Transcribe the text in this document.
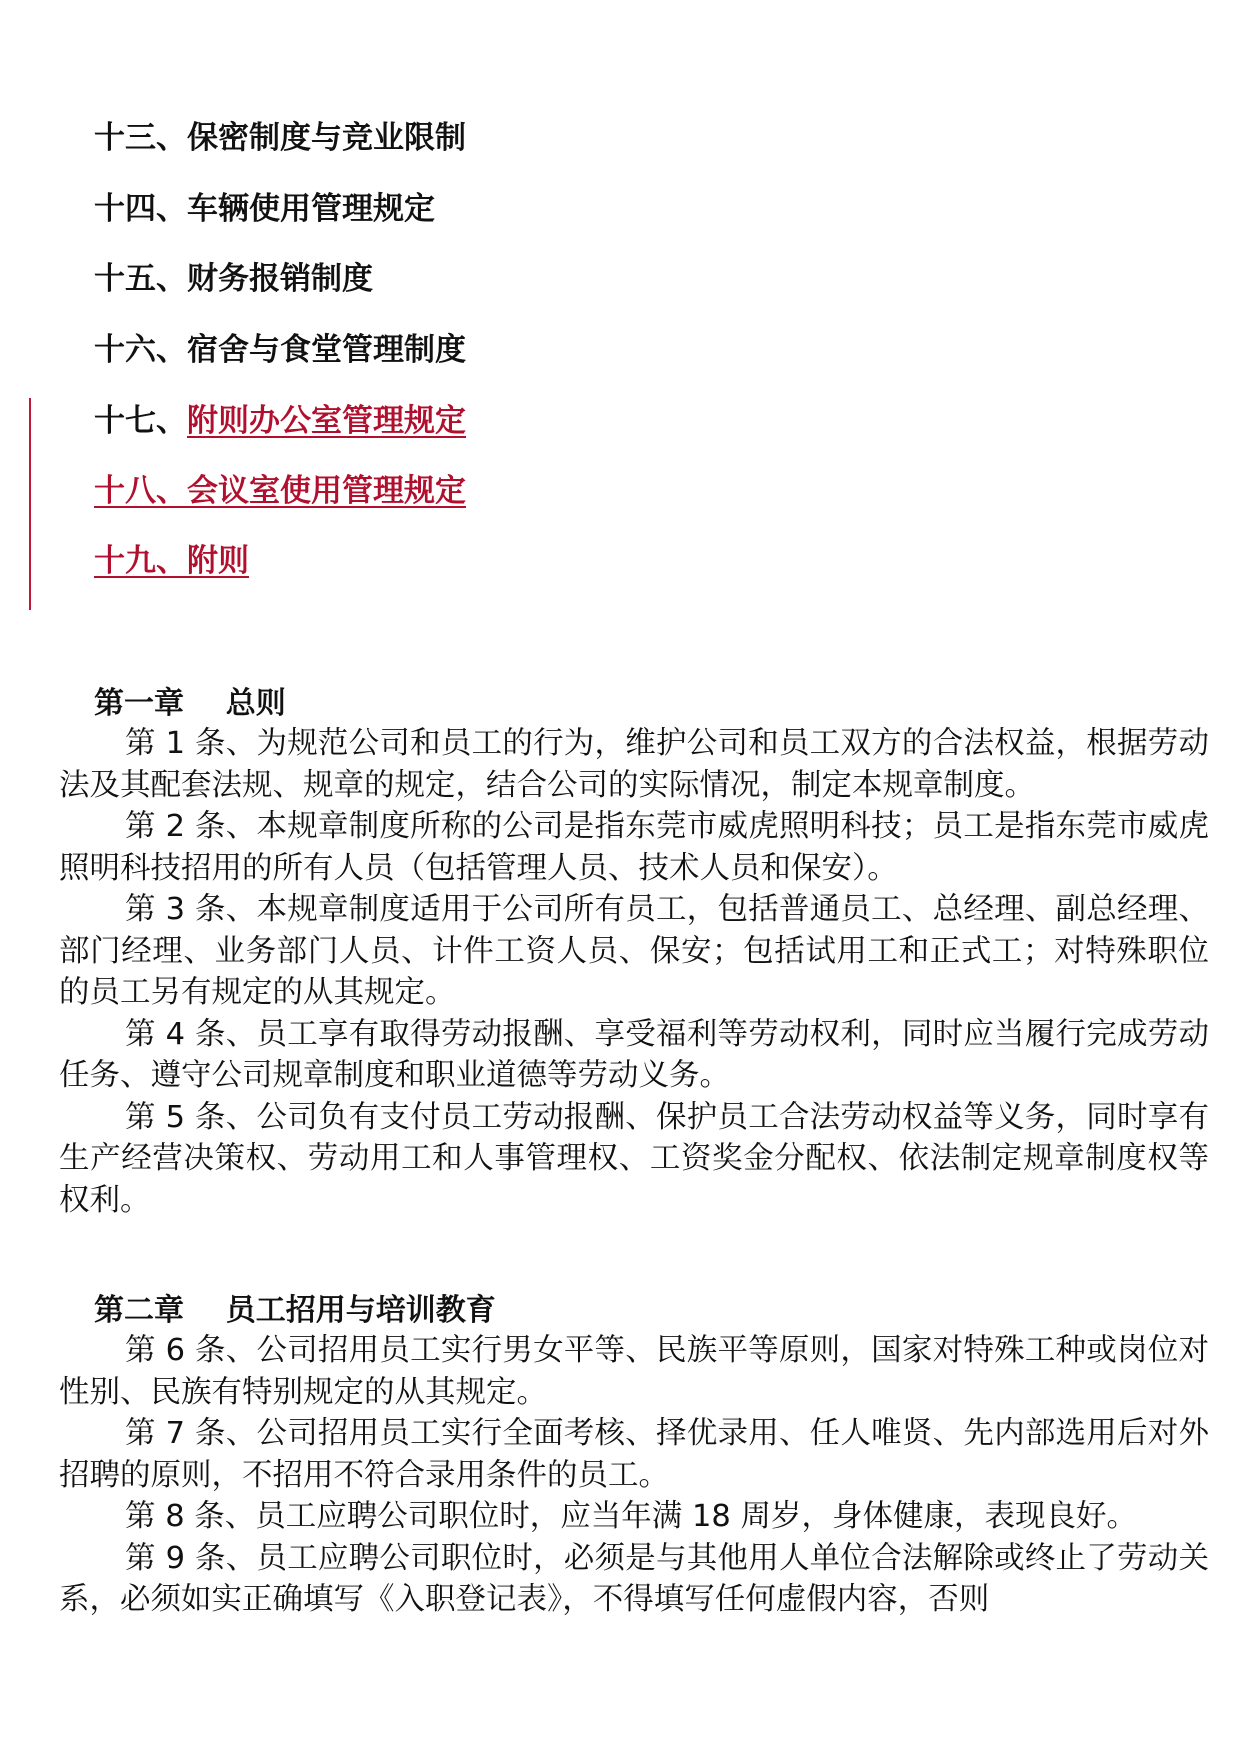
十三、保密制度与竞业限制
十四、车辆使用管理规定
十五、财务报销制度
十六、宿舍与食堂管理制度
十七、附则办公室管理规定
十八、会议室使用管理规定
十九、附则
第一章    总则

第 1 条、为规范公司和员工的行为，维护公司和员工双方的合法权益，根据劳动法及其配套法规、规章的规定，结合公司的实际情况，制定本规章制度。

第 2 条、本规章制度所称的公司是指东莞市威虎照明科技；员工是指东莞市威虎照明科技招用的所有人员（包括管理人员、技术人员和保安）。

第 3 条、本规章制度适用于公司所有员工，包括普通员工、总经理、副总经理、部门经理、业务部门人员、计件工资人员、保安；包括试用工和正式工；对特殊职位的员工另有规定的从其规定。

第 4 条、员工享有取得劳动报酬、享受福利等劳动权利，同时应当履行完成劳动任务、遵守公司规章制度和职业道德等劳动义务。

第 5 条、公司负有支付员工劳动报酬、保护员工合法劳动权益等义务，同时享有生产经营决策权、劳动用工和人事管理权、工资奖金分配权、依法制定规章制度权等权利。

第二章    员工招用与培训教育

第 6 条、公司招用员工实行男女平等、民族平等原则，国家对特殊工种或岗位对性别、民族有特别规定的从其规定。

第 7 条、公司招用员工实行全面考核、择优录用、任人唯贤、先内部选用后对外招聘的原则，不招用不符合录用条件的员工。

第 8 条、员工应聘公司职位时，应当年满 18 周岁，身体健康，表现良好。

第 9 条、员工应聘公司职位时，必须是与其他用人单位合法解除或终止了劳动关系，必须如实正确填写《入职登记表》，不得填写任何虚假内容，否则
